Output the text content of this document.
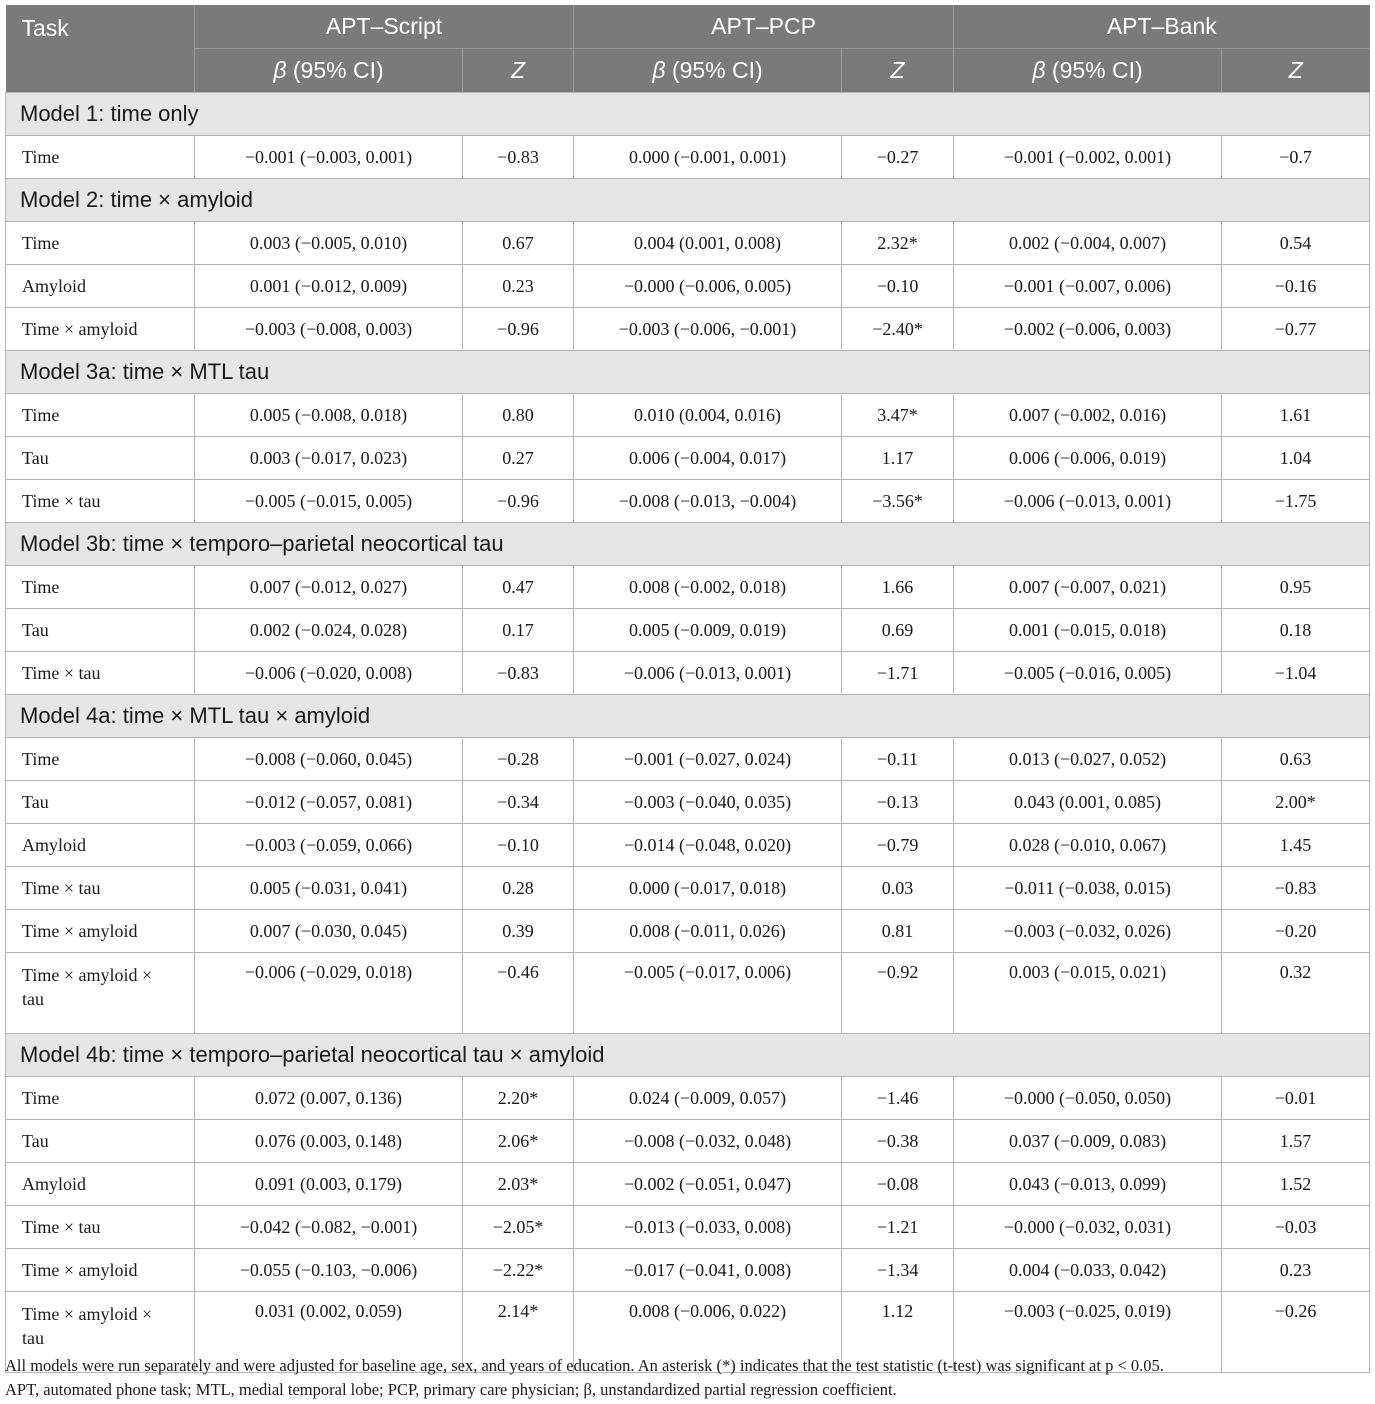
Task	APT–Script		APT–PCP		APT–Bank	
	β (95% CI)	Z	β (95% CI)	Z	β (95% CI)	Z
Model 1: time only						
Time	−0.001 (−0.003, 0.001)	−0.83	0.000 (−0.001, 0.001)	−0.27	−0.001 (−0.002, 0.001)	−0.7
Model 2: time × amyloid						
Time	0.003 (−0.005, 0.010)	0.67	0.004 (0.001, 0.008)	2.32*	0.002 (−0.004, 0.007)	0.54
Amyloid	0.001 (−0.012, 0.009)	0.23	−0.000 (−0.006, 0.005)	−0.10	−0.001 (−0.007, 0.006)	−0.16
Time × amyloid	−0.003 (−0.008, 0.003)	−0.96	−0.003 (−0.006, −0.001)	−2.40*	−0.002 (−0.006, 0.003)	−0.77
Model 3a: time × MTL tau						
Time	0.005 (−0.008, 0.018)	0.80	0.010 (0.004, 0.016)	3.47*	0.007 (−0.002, 0.016)	1.61
Tau	0.003 (−0.017, 0.023)	0.27	0.006 (−0.004, 0.017)	1.17	0.006 (−0.006, 0.019)	1.04
Time × tau	−0.005 (−0.015, 0.005)	−0.96	−0.008 (−0.013, −0.004)	−3.56*	−0.006 (−0.013, 0.001)	−1.75
Model 3b: time × temporo–parietal neocortical tau						
Time	0.007 (−0.012, 0.027)	0.47	0.008 (−0.002, 0.018)	1.66	0.007 (−0.007, 0.021)	0.95
Tau	0.002 (−0.024, 0.028)	0.17	0.005 (−0.009, 0.019)	0.69	0.001 (−0.015, 0.018)	0.18
Time × tau	−0.006 (−0.020, 0.008)	−0.83	−0.006 (−0.013, 0.001)	−1.71	−0.005 (−0.016, 0.005)	−1.04
Model 4a: time × MTL tau × amyloid						
Time	−0.008 (−0.060, 0.045)	−0.28	−0.001 (−0.027, 0.024)	−0.11	0.013 (−0.027, 0.052)	0.63
Tau	−0.012 (−0.057, 0.081)	−0.34	−0.003 (−0.040, 0.035)	−0.13	0.043 (0.001, 0.085)	2.00*
Amyloid	−0.003 (−0.059, 0.066)	−0.10	−0.014 (−0.048, 0.020)	−0.79	0.028 (−0.010, 0.067)	1.45
Time × tau	0.005 (−0.031, 0.041)	0.28	0.000 (−0.017, 0.018)	0.03	−0.011 (−0.038, 0.015)	−0.83
Time × amyloid	0.007 (−0.030, 0.045)	0.39	0.008 (−0.011, 0.026)	0.81	−0.003 (−0.032, 0.026)	−0.20
Time × amyloid ×
tau	−0.006 (−0.029, 0.018)	−0.46	−0.005 (−0.017, 0.006)	−0.92	0.003 (−0.015, 0.021)	0.32
Model 4b: time × temporo–parietal neocortical tau × amyloid						
Time	0.072 (0.007, 0.136)	2.20*	0.024 (−0.009, 0.057)	−1.46	−0.000 (−0.050, 0.050)	−0.01
Tau	0.076 (0.003, 0.148)	2.06*	−0.008 (−0.032, 0.048)	−0.38	0.037 (−0.009, 0.083)	1.57
Amyloid	0.091 (0.003, 0.179)	2.03*	−0.002 (−0.051, 0.047)	−0.08	0.043 (−0.013, 0.099)	1.52
Time × tau	−0.042 (−0.082, −0.001)	−2.05*	−0.013 (−0.033, 0.008)	−1.21	−0.000 (−0.032, 0.031)	−0.03
Time × amyloid	−0.055 (−0.103, −0.006)	−2.22*	−0.017 (−0.041, 0.008)	−1.34	0.004 (−0.033, 0.042)	0.23
Time × amyloid ×
tau	0.031 (0.002, 0.059)	2.14*	0.008 (−0.006, 0.022)	1.12	−0.003 (−0.025, 0.019)	−0.26

All models were run separately and were adjusted for baseline age, sex, and years of education. An asterisk (*) indicates that the test statistic (t-test) was significant at p < 0.05.

APT, automated phone task; MTL, medial temporal lobe; PCP, primary care physician; β, unstandardized partial regression coefficient.
